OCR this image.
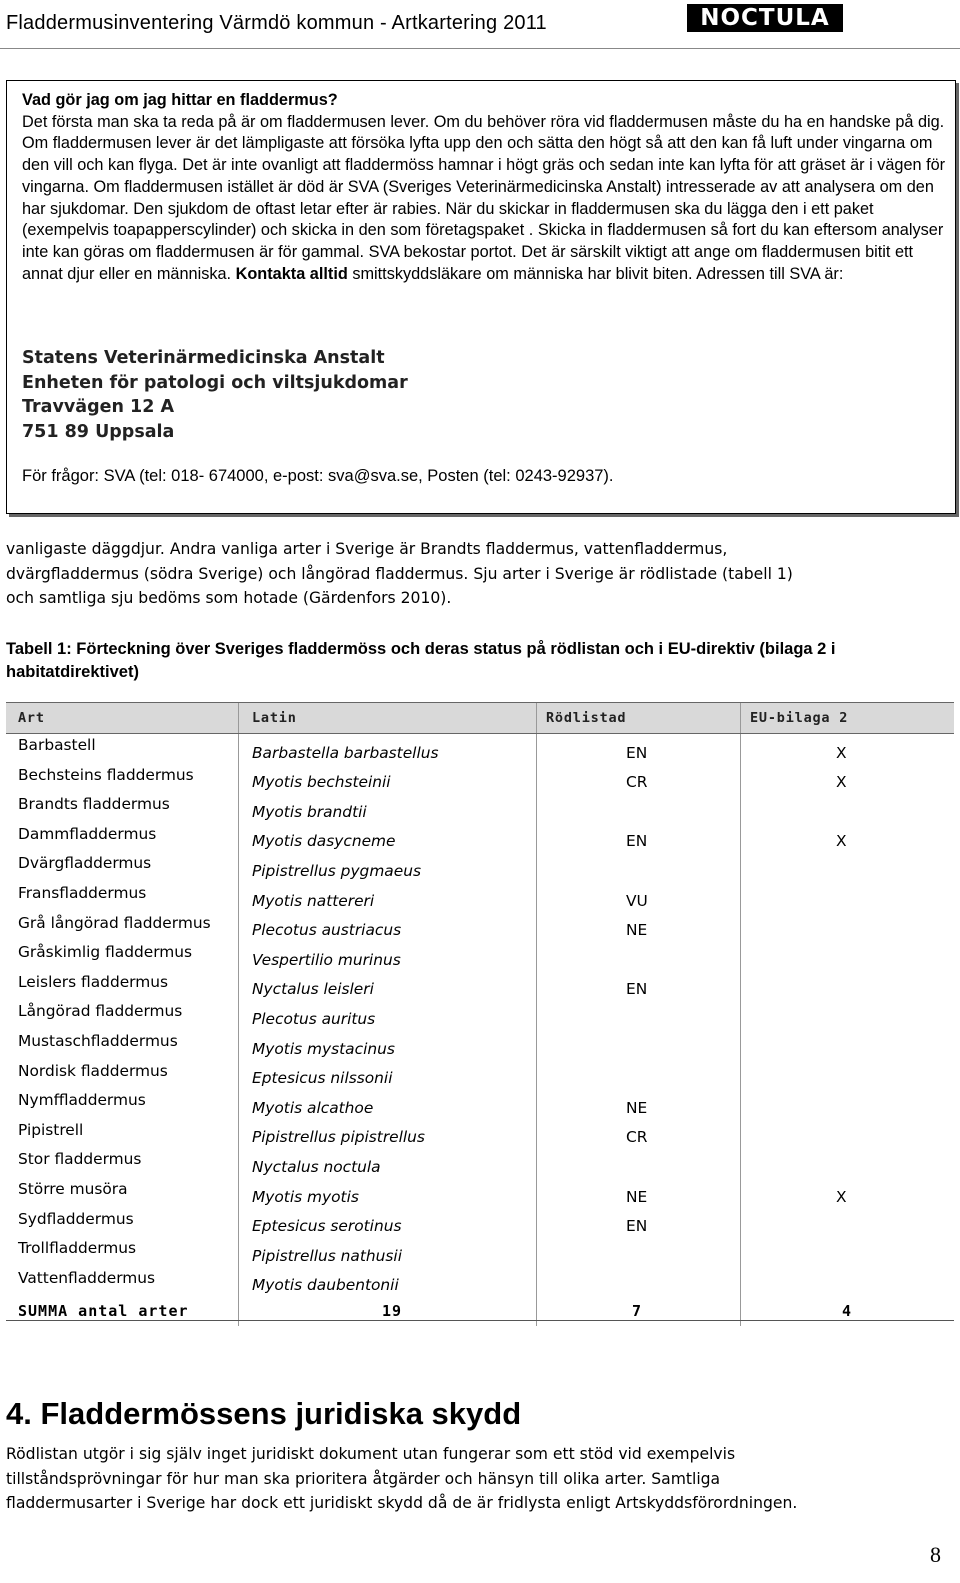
Fladdermusinventering Värmdö kommun - Artkartering 2011	NOCTULA
Vad gör jag om jag hittar en fladdermus?
Det första man ska ta reda på är om fladdermusen lever. Om du behöver röra vid fladdermusen måste du ha en handske på dig. Om fladdermusen lever är det lämpligaste att försöka lyfta upp den och sätta den högt så att den kan få luft under vingarna om den vill och kan flyga. Det är inte ovanligt att fladdermöss hamnar i högt gräs och sedan inte kan lyfta för att gräset är i vägen för vingarna. Om fladdermusen istället är död är SVA (Sveriges Veterinärmedicinska Anstalt) intresserade av att analysera om den har sjukdomar. Den sjukdom de oftast letar efter är rabies. När du skickar in fladdermusen ska du lägga den i ett paket (exempelvis toapapperscylinder) och skicka in den som företagspaket . Skicka in fladdermusen så fort du kan eftersom analyser inte kan göras om fladdermusen är för gammal. SVA bekostar portot. Det är särskilt viktigt att ange om fladdermusen bitit ett annat djur eller en människa. Kontakta alltid smittskyddsläkare om människa har blivit biten. Adressen till SVA är:
Statens Veterinärmedicinska Anstalt
Enheten för patologi och viltsjukdomar
Travvägen 12 A
751 89 Uppsala
För frågor: SVA (tel: 018- 674000, e-post: sva@sva.se, Posten (tel: 0243-92937).
vanligaste däggdjur. Andra vanliga arter i Sverige är Brandts fladdermus, vattenfladdermus,
dvärgfladdermus (södra Sverige) och långörad fladdermus. Sju arter i Sverige är rödlistade (tabell 1)
och samtliga sju bedöms som hotade (Gärdenfors 2010).
Tabell 1: Förteckning över Sveriges fladdermöss och deras status på rödlistan och i EU-direktiv (bilaga 2 i habitatdirektivet)
Art	Latin	Rödlistad	EU-bilaga 2
Barbastell	Barbastella barbastellus	EN	X
Bechsteins fladdermus	Myotis bechsteinii	CR	X
Brandts fladdermus	Myotis brandtii
Dammfladdermus	Myotis dasycneme	EN	X
Dvärgfladdermus	Pipistrellus pygmaeus
Fransfladdermus	Myotis nattereri	VU
Grå långörad fladdermus	Plecotus austriacus	NE
Gråskimlig fladdermus	Vespertilio murinus
Leislers fladdermus	Nyctalus leisleri	EN
Långörad fladdermus	Plecotus auritus
Mustaschfladdermus	Myotis mystacinus
Nordisk fladdermus	Eptesicus nilssonii
Nymffladdermus	Myotis alcathoe	NE
Pipistrell	Pipistrellus pipistrellus	CR
Stor fladdermus	Nyctalus noctula
Större musöra	Myotis myotis	NE	X
Sydfladdermus	Eptesicus serotinus	EN
Trollfladdermus	Pipistrellus nathusii
Vattenfladdermus	Myotis daubentonii
SUMMA antal arter	19	7	4
4. Fladdermössens juridiska skydd
Rödlistan utgör i sig själv inget juridiskt dokument utan fungerar som ett stöd vid exempelvis
tillståndsprövningar för hur man ska prioritera åtgärder och hänsyn till olika arter. Samtliga
fladdermusarter i Sverige har dock ett juridiskt skydd då de är fridlysta enligt Artskyddsförordningen.
8
